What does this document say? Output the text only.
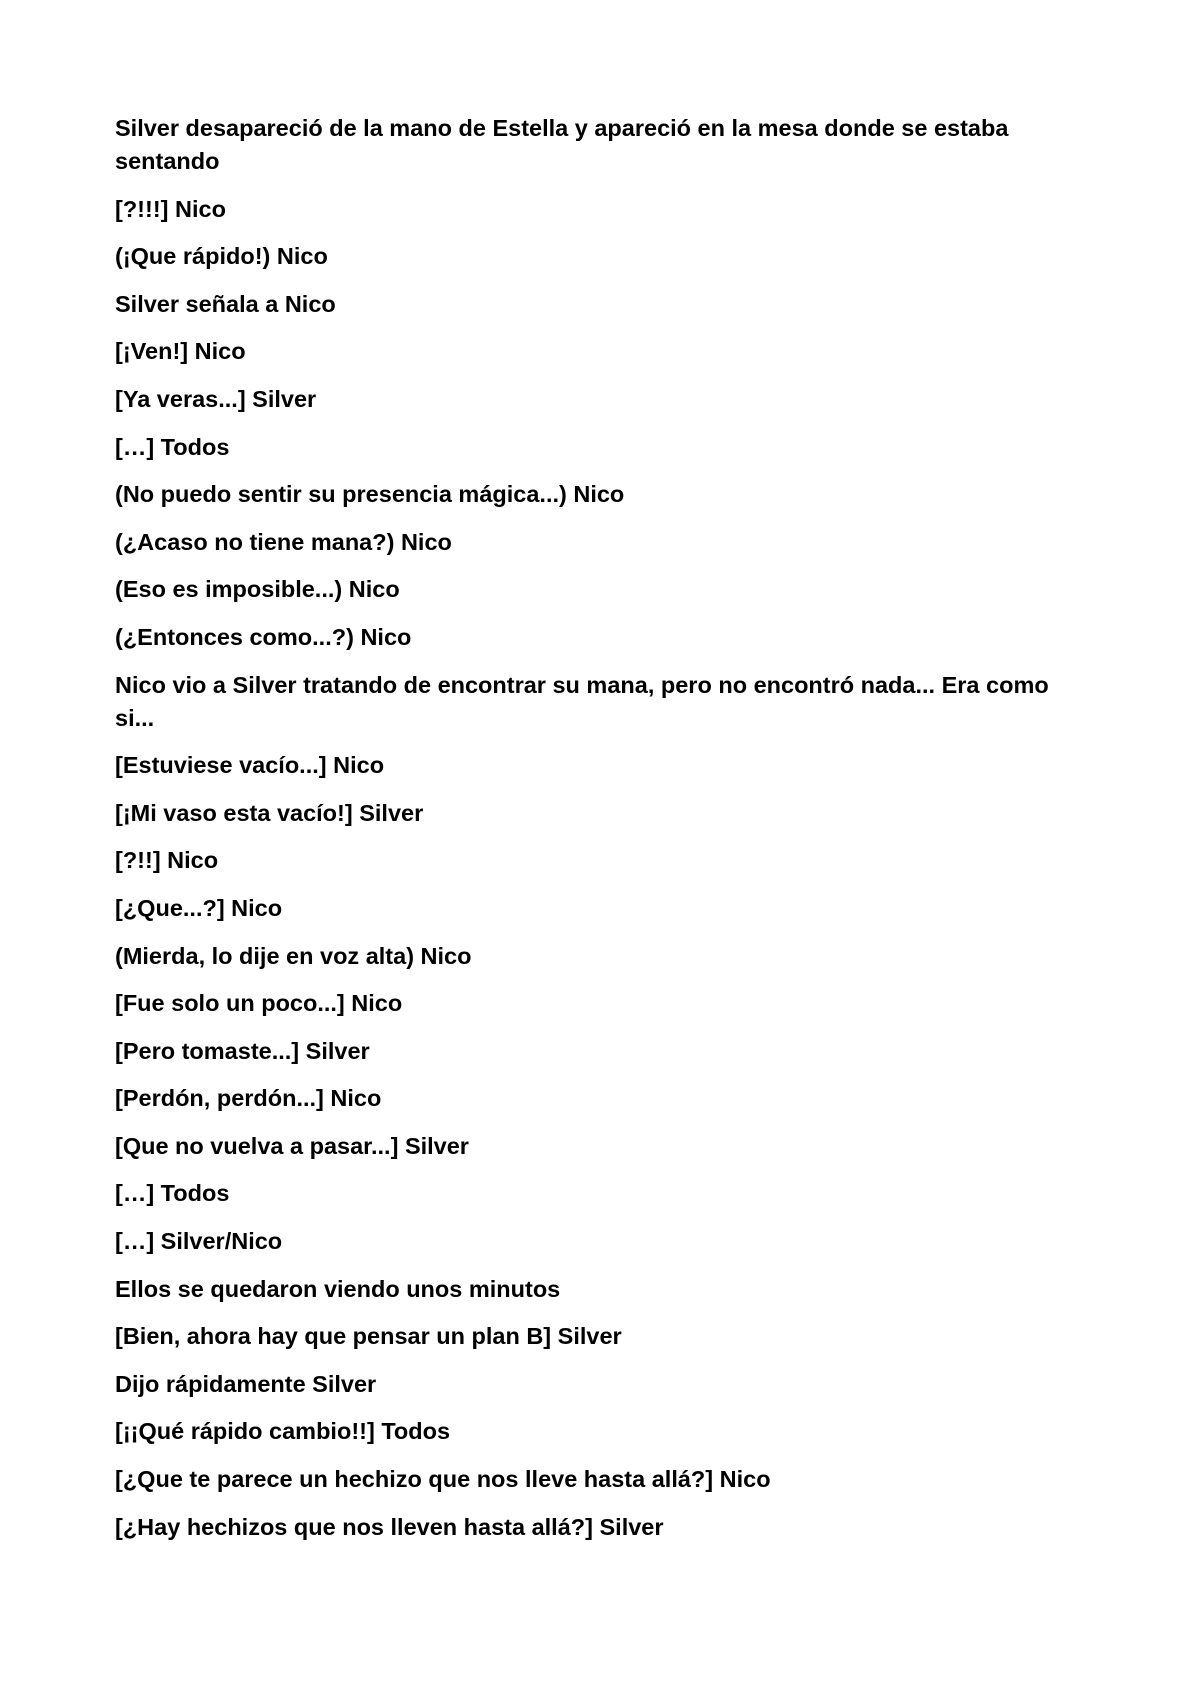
Silver desapareció de la mano de Estella y apareció en la mesa donde se estaba sentando

[?!!!] Nico

(¡Que rápido!) Nico

Silver señala a Nico

[¡Ven!] Nico

[Ya veras...] Silver

[…] Todos

(No puedo sentir su presencia mágica...) Nico

(¿Acaso no tiene mana?) Nico

(Eso es imposible...) Nico

(¿Entonces como...?) Nico

Nico vio a Silver tratando de encontrar su mana, pero no encontró nada... Era como si...

[Estuviese vacío...] Nico

[¡Mi vaso esta vacío!] Silver

[?!!] Nico

[¿Que...?] Nico

(Mierda, lo dije en voz alta) Nico

[Fue solo un poco...] Nico

[Pero tomaste...] Silver

[Perdón, perdón...] Nico

[Que no vuelva a pasar...] Silver

[…] Todos

[…] Silver/Nico

Ellos se quedaron viendo unos minutos

[Bien, ahora hay que pensar un plan B] Silver

Dijo rápidamente Silver

[¡¡Qué rápido cambio!!] Todos

[¿Que te parece un hechizo que nos lleve hasta allá?] Nico

[¿Hay hechizos que nos lleven hasta allá?] Silver
